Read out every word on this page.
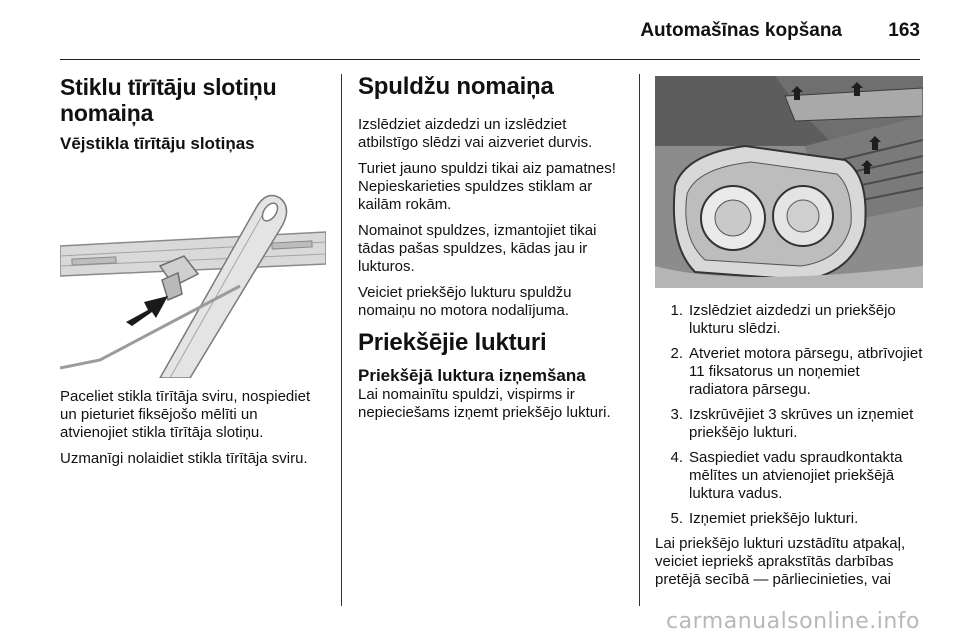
Automašīnas kopšana 163
Stiklu tīrītāju slotiņu nomaiņa
Vējstikla tīrītāju slotiņas

Paceliet stikla tīrītāja sviru, nospiediet un pieturiet fiksējošo mēlīti un atvienojiet stikla tīrītāja slotiņu.

Uzmanīgi nolaidiet stikla tīrītāja sviru.

Spuldžu nomaiņa

Izslēdziet aizdedzi un izslēdziet atbilstīgo slēdzi vai aizveriet durvis.

Turiet jauno spuldzi tikai aiz pamatnes! Nepieskarieties spuldzes stiklam ar kailām rokām.

Nomainot spuldzes, izmantojiet tikai tādas pašas spuldzes, kādas jau ir lukturos.

Veiciet priekšējo lukturu spuldžu nomaiņu no motora nodalījuma.

Priekšējie lukturi
Priekšējā luktura izņemšana

Lai nomainītu spuldzi, vispirms ir nepieciešams izņemt priekšējo lukturi.

1. Izslēdziet aizdedzi un priekšējo lukturu slēdzi.
2. Atveriet motora pārsegu, atbrīvojiet 11 fiksatorus un noņemiet radiatora pārsegu.
3. Izskrūvējiet 3 skrūves un izņemiet priekšējo lukturi.
4. Saspiediet vadu spraudkontakta mēlītes un atvienojiet priekšējā luktura vadus.
5. Izņemiet priekšējo lukturi.

Lai priekšējo lukturi uzstādītu atpakaļ, veiciet iepriekš aprakstītās darbības pretējā secībā — pārliecinieties, vai

carmanualsonline.info
